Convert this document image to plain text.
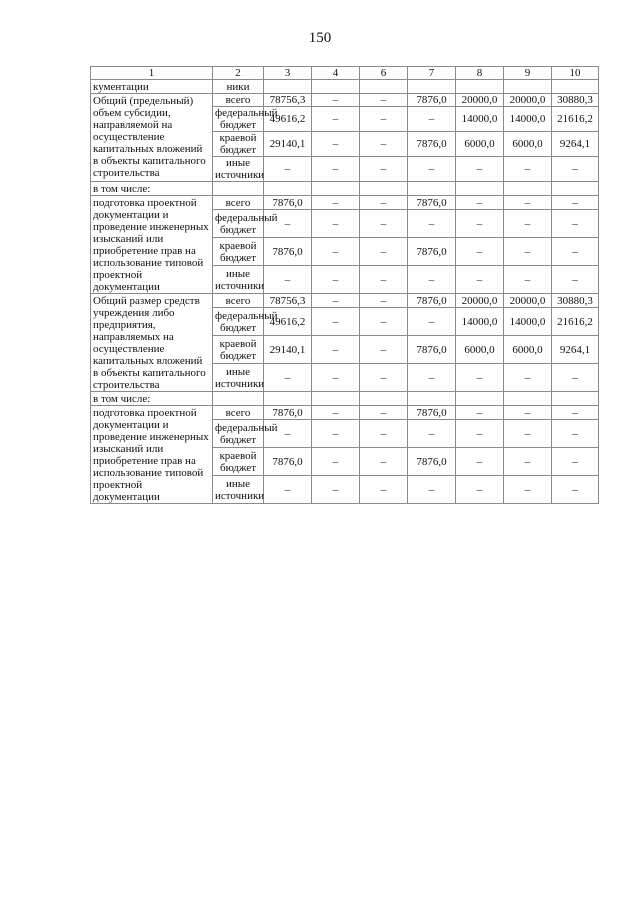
150
1	2	3	4	6	7	8	9	10
кументации	ники							
Общий (предельный) объем субсидии, направляемой на осуществление капитальных вложений в объекты капитального строительства	всего	78756,3	–	–	7876,0	20000,0	20000,0	30880,3
	федеральный бюджет	49616,2	–	–	–	14000,0	14000,0	21616,2
	краевой бюджет	29140,1	–	–	7876,0	6000,0	6000,0	9264,1
	иные источники	–	–	–	–	–	–	–
в том числе:								
подготовка проектной документации и проведение инженерных изысканий или приобретение прав на использование типовой проектной документации	всего	7876,0	–	–	7876,0	–	–	–
	федеральный бюджет	–	–	–	–	–	–	–
	краевой бюджет	7876,0	–	–	7876,0	–	–	–
	иные источники	–	–	–	–	–	–	–
Общий размер средств учреждения либо предприятия, направляемых на осуществление капитальных вложений в объекты капитального строительства	всего	78756,3	–	–	7876,0	20000,0	20000,0	30880,3
	федеральный бюджет	49616,2	–	–	–	14000,0	14000,0	21616,2
	краевой бюджет	29140,1	–	–	7876,0	6000,0	6000,0	9264,1
	иные источники	–	–	–	–	–	–	–
в том числе:								
подготовка проектной документации и проведение инженерных изысканий или приобретение прав на использование типовой проектной документации	всего	7876,0	–	–	7876,0	–	–	–
	федеральный бюджет	–	–	–	–	–	–	–
	краевой бюджет	7876,0	–	–	7876,0	–	–	–
	иные источники	–	–	–	–	–	–	–
